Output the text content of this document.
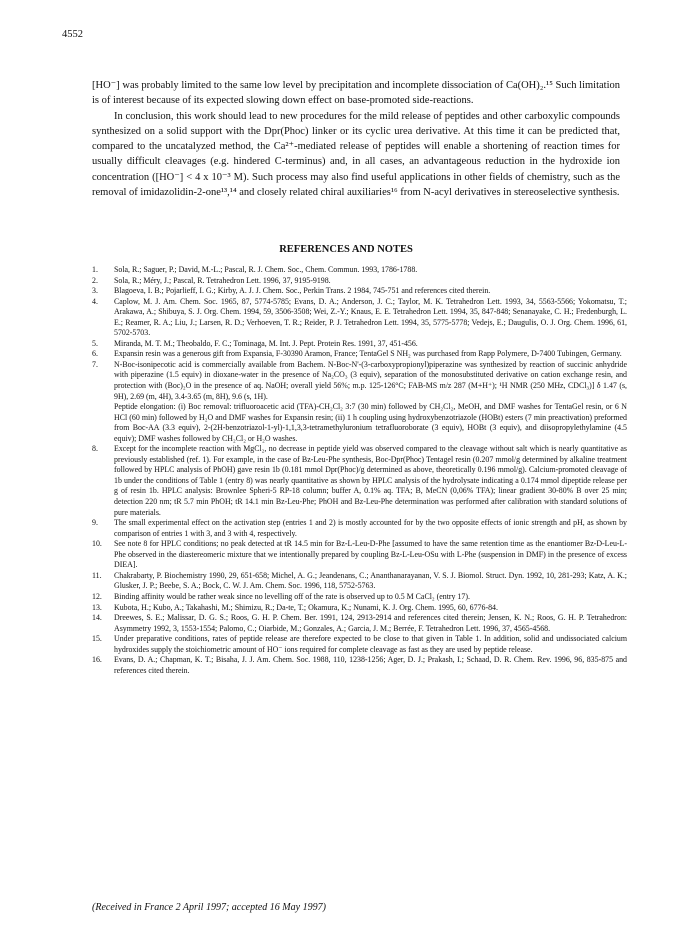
4552

[HO⁻] was probably limited to the same low level by precipitation and incomplete dissociation of Ca(OH)₂.¹⁵ Such limitation is of interest because of its expected slowing down effect on base-promoted side-reactions.

In conclusion, this work should lead to new procedures for the mild release of peptides and other carboxylic compounds synthesized on a solid support with the Dpr(Phoc) linker or its cyclic urea derivative. At this time it can be predicted that, compared to the uncatalyzed method, the Ca²⁺-mediated release of peptides will enable a shortening of reaction times for usually difficult cleavages (e.g. hindered C-terminus) and, in all cases, an advantageous reduction in the hydroxide ion concentration ([HO⁻] < 4 x 10⁻³ M). Such process may also find useful applications in other fields of chemistry, such as the removal of imidazolidin-2-one¹³,¹⁴ and closely related chiral auxiliaries¹⁶ from N-acyl derivatives in stereoselective synthesis.

REFERENCES AND NOTES
1.	Sola, R.; Saguer, P.; David, M.-L.; Pascal, R. J. Chem. Soc., Chem. Commun. 1993, 1786-1788.
2.	Sola, R.; Méry, J.; Pascal, R. Tetrahedron Lett. 1996, 37, 9195-9198.
3.	Blagoeva, I. B.; Pojarlieff, I. G.; Kirby, A. J. J. Chem. Soc., Perkin Trans. 2 1984, 745-751 and references cited therein.
4.	Caplow, M. J. Am. Chem. Soc. 1965, 87, 5774-5785; Evans, D. A.; Anderson, J. C.; Taylor, M. K. Tetrahedron Lett. 1993, 34, 5563-5566; Yokomatsu, T.; Arakawa, A.; Shibuya, S. J. Org. Chem. 1994, 59, 3506-3508; Wei, Z.-Y.; Knaus, E. E. Tetrahedron Lett. 1994, 35, 847-848; Senanayake, C. H.; Fredenburgh, L. E.; Reamer, R. A.; Liu, J.; Larsen, R. D.; Verhoeven, T. R.; Reider, P. J. Tetrahedron Lett. 1994, 35, 5775-5778; Vedejs, E.; Daugulis, O. J. Org. Chem. 1996, 61, 5702-5703.
5.	Miranda, M. T. M.; Theobaldo, F. C.; Tominaga, M. Int. J. Pept. Protein Res. 1991, 37, 451-456.
6.	Expansin resin was a generous gift from Expansia, F-30390 Aramon, France; TentaGel S NH₂ was purchased from Rapp Polymere, D-7400 Tubingen, Germany.
7.	N-Boc-isonipecotic acid is commercially available from Bachem. N-Boc-N'-(3-carboxypropionyl)piperazine was synthesized by reaction of succinic anhydride with piperazine (1.5 equiv) in dioxane-water in the presence of Na₂CO₃ (3 equiv), separation of the monosubstituted derivative on cation exchange resin, and protection with (Boc)₂O in the presence of aq. NaOH; overall yield 56%; m.p. 125-126°C; FAB-MS m/z 287 (M+H⁺); ¹H NMR (250 MHz, CDCl₃)] δ 1.47 (s, 9H), 2.69 (m, 4H), 3.4-3.65 (m, 8H), 9.6 (s, 1H).
Peptide elongation: (i) Boc removal: trifluoroacetic acid (TFA)-CH₂Cl₂ 3:7 (30 min) followed by CH₂Cl₂, MeOH, and DMF washes for TentaGel resin, or 6 N HCl (60 min) followed by H₂O and DMF washes for Expansin resin; (ii) 1 h coupling using hydroxybenzotriazole (HOBt) esters (7 min preactivation) preformed from Boc-AA (3.3 equiv), 2-(2H-benzotriazol-1-yl)-1,1,3,3-tetramethyluronium tetrafluoroborate (3 equiv), HOBt (3 equiv), and diisopropylethylamine (4.5 equiv); DMF washes followed by CH₂Cl₂ or H₂O washes.
8.	Except for the incomplete reaction with MgCl₂, no decrease in peptide yield was observed compared to the cleavage without salt which is nearly quantitative as previously established (ref. 1). For example, in the case of Bz-Leu-Phe synthesis, Boc-Dpr(Phoc) Tentagel resin (0.207 mmol/g determined by alkaline treatment followed by HPLC analysis of PhOH) gave resin 1b (0.181 mmol Dpr(Phoc)/g determined as above, theoretically 0.196 mmol/g). Calcium-promoted cleavage of 1b under the conditions of Table 1 (entry 8) was nearly quantitative as shown by HPLC analysis of the hydrolysate indicating a 0.174 mmol dipeptide release per g of resin 1b. HPLC analysis: Brownlee Spheri-5 RP-18 column; buffer A, 0.1% aq. TFA; B, MeCN (0,06% TFA); linear gradient 30-80% B over 25 min; detection 220 nm; tR 5.7 min PhOH; tR 14.1 min Bz-Leu-Phe; PhOH and Bz-Leu-Phe determination was performed after calibration with standard solutions of pure materials.
9.	The small experimental effect on the activation step (entries 1 and 2) is mostly accounted for by the two opposite effects of ionic strength and pH, as shown by comparison of entries 1 with 3, and 3 with 4, respectively.
10.	See note 8 for HPLC conditions; no peak detected at tR 14.5 min for Bz-L-Leu-D-Phe [assumed to have the same retention time as the enantiomer Bz-D-Leu-L-Phe observed in the diastereomeric mixture that we intentionally prepared by coupling Bz-L-Leu-OSu with L-Phe (suspension in DMF) in the presence of excess DIEA].
11.	Chakrabarty, P. Biochemistry 1990, 29, 651-658; Michel, A. G.; Jeandenans, C.; Ananthanarayanan, V. S. J. Biomol. Struct. Dyn. 1992, 10, 281-293; Katz, A. K.; Glusker, J. P.; Beebe, S. A.; Bock, C. W. J. Am. Chem. Soc. 1996, 118, 5752-5763.
12.	Binding affinity would be rather weak since no levelling off of the rate is observed up to 0.5 M CaCl₂ (entry 17).
13.	Kubota, H.; Kubo, A.; Takahashi, M.; Shimizu, R.; Da-te, T.; Okamura, K.; Nunami, K. J. Org. Chem. 1995, 60, 6776-84.
14.	Dreewes, S. E.; Malissar, D. G. S.; Roos, G. H. P. Chem. Ber. 1991, 124, 2913-2914 and references cited therein; Jensen, K. N.; Roos, G. H. P. Tetrahedron: Asymmetry 1992, 3, 1553-1554; Palomo, C.; Oiarbide, M.; Gonzales, A.; Garcia, J. M.; Berrée, F. Tetrahedron Lett. 1996, 37, 4565-4568.
15.	Under preparative conditions, rates of peptide release are therefore expected to be close to that given in Table 1. In addition, solid and undissociated calcium hydroxides supply the stoichiometric amount of HO⁻ ions required for complete cleavage as fast as they are used by peptide release.
16.	Evans, D. A.; Chapman, K. T.; Bisaha, J. J. Am. Chem. Soc. 1988, 110, 1238-1256; Ager, D. J.; Prakash, I.; Schaad, D. R. Chem. Rev. 1996, 96, 835-875 and references cited therein.
(Received in France 2 April 1997; accepted 16 May 1997)
